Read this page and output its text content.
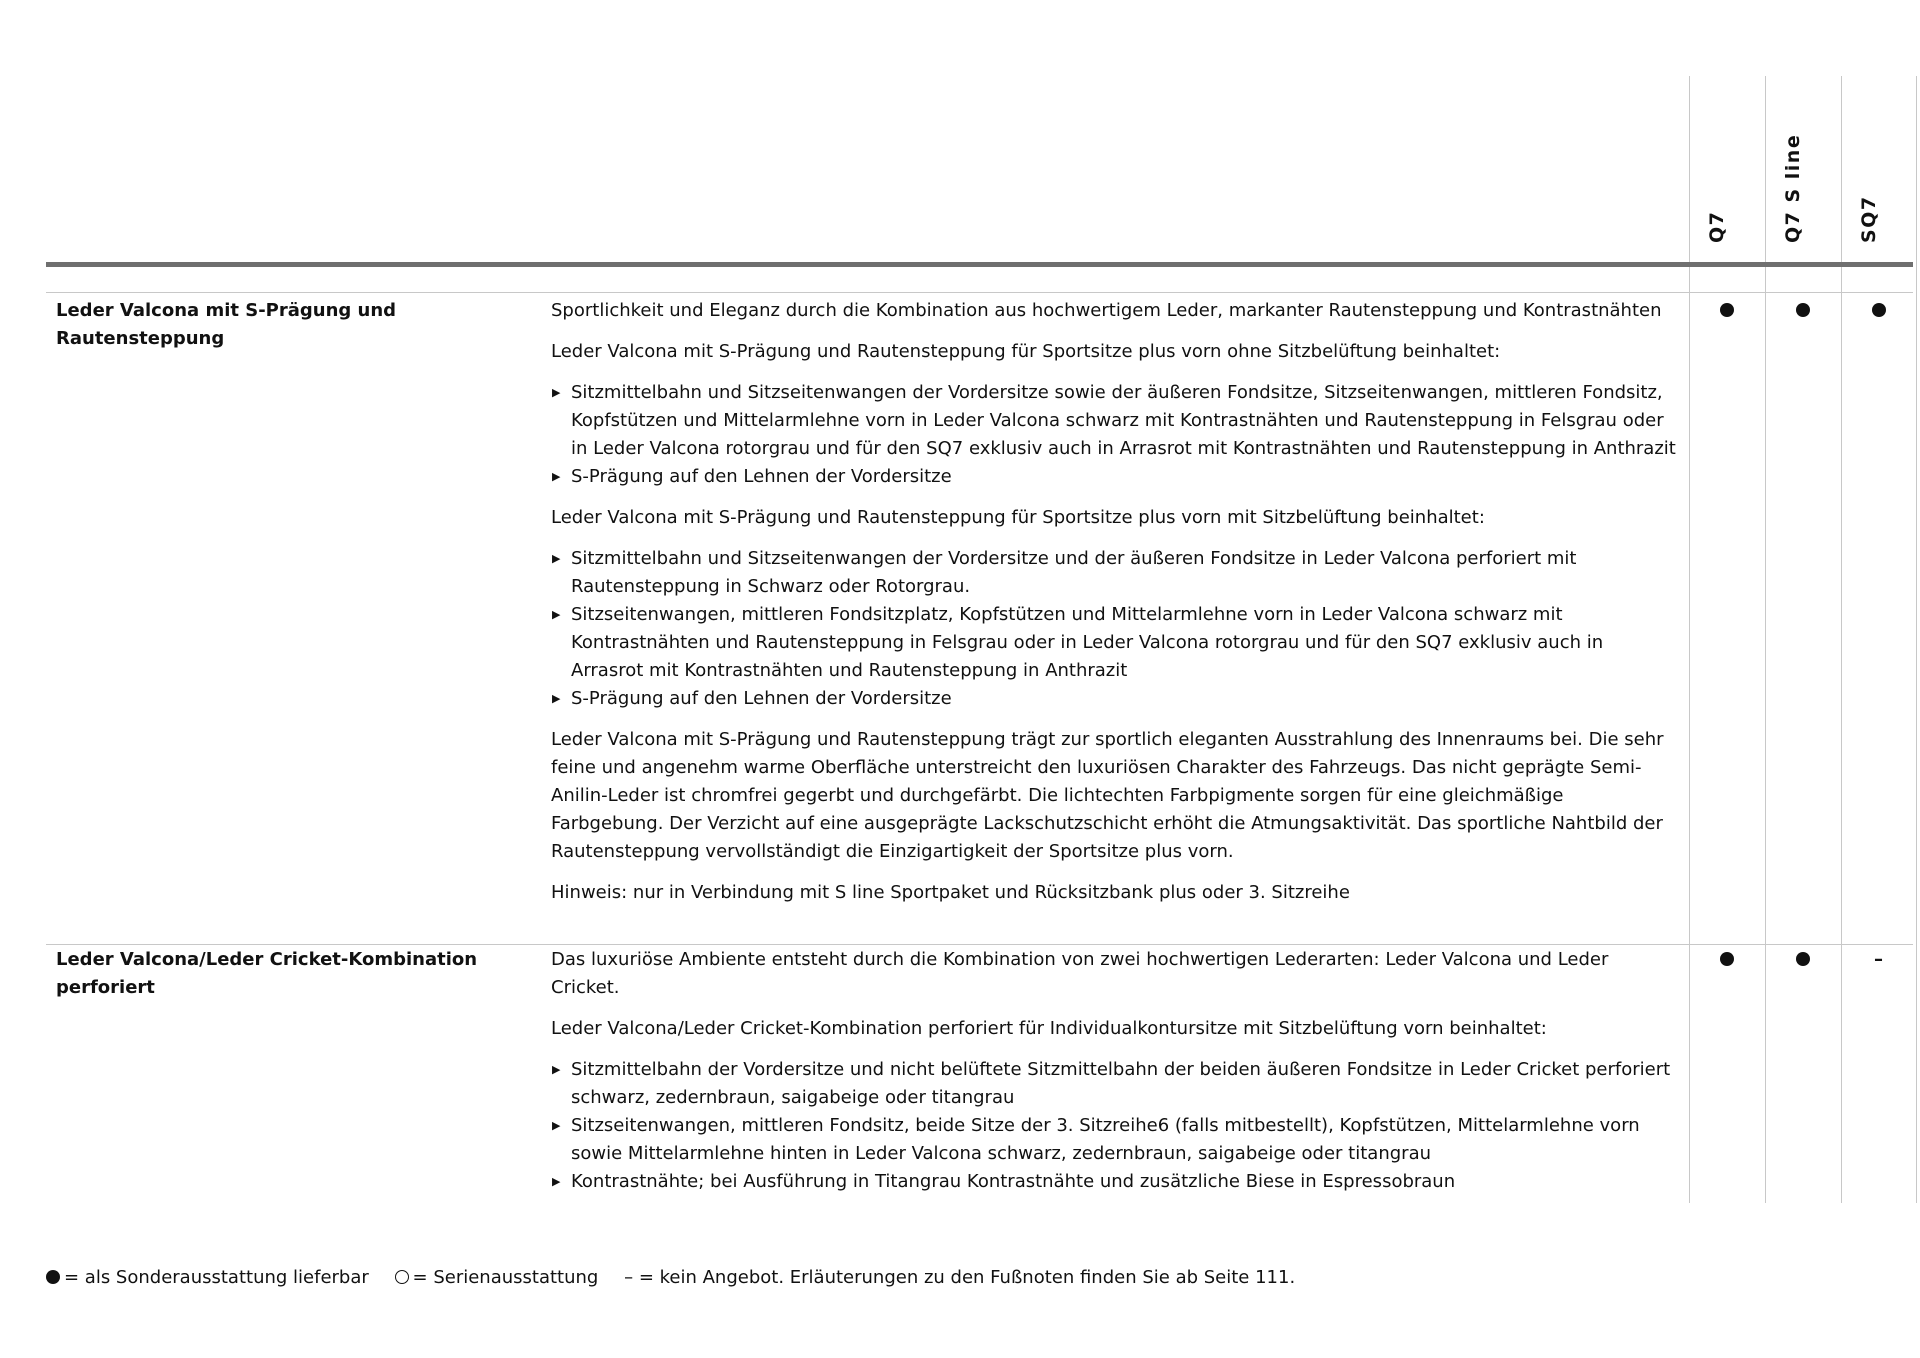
Q7	Q7 S line	SQ7
Leder Valcona mit S-Prägung und Rautensteppung

Sportlichkeit und Eleganz durch die Kombination aus hochwertigem Leder, markanter Rautensteppung und Kontrastnähten

Leder Valcona mit S-Prägung und Rautensteppung für Sportsitze plus vorn ohne Sitzbelüftung beinhaltet:

▶ Sitzmittelbahn und Sitzseitenwangen der Vordersitze sowie der äußeren Fondsitze, Sitzseitenwangen, mittleren Fondsitz, Kopfstützen und Mittelarmlehne vorn in Leder Valcona schwarz mit Kontrastnähten und Rautensteppung in Felsgrau oder in Leder Valcona rotorgrau und für den SQ7 exklusiv auch in Arrasrot mit Kontrastnähten und Rautensteppung in Anthrazit
▶ S-Prägung auf den Lehnen der Vordersitze

Leder Valcona mit S-Prägung und Rautensteppung für Sportsitze plus vorn mit Sitzbelüftung beinhaltet:

▶ Sitzmittelbahn und Sitzseitenwangen der Vordersitze und der äußeren Fondsitze in Leder Valcona perforiert mit Rautensteppung in Schwarz oder Rotorgrau.
▶ Sitzseitenwangen, mittleren Fondsitzplatz, Kopfstützen und Mittelarmlehne vorn in Leder Valcona schwarz mit Kontrastnähten und Rautensteppung in Felsgrau oder in Leder Valcona rotorgrau und für den SQ7 exklusiv auch in Arrasrot mit Kontrastnähten und Rautensteppung in Anthrazit
▶ S-Prägung auf den Lehnen der Vordersitze

Leder Valcona mit S-Prägung und Rautensteppung trägt zur sportlich eleganten Ausstrahlung des Innenraums bei. Die sehr feine und angenehm warme Oberfläche unterstreicht den luxuriösen Charakter des Fahrzeugs. Das nicht geprägte Semi-Anilin-Leder ist chromfrei gegerbt und durchgefärbt. Die lichtechten Farbpigmente sorgen für eine gleichmäßige Farbgebung. Der Verzicht auf eine ausgeprägte Lackschutzschicht erhöht die Atmungsaktivität. Das sportliche Nahtbild der Rautensteppung vervollständigt die Einzigartigkeit der Sportsitze plus vorn.

Hinweis: nur in Verbindung mit S line Sportpaket und Rücksitzbank plus oder 3. Sitzreihe

Leder Valcona/Leder Cricket-Kombination perforiert

Das luxuriöse Ambiente entsteht durch die Kombination von zwei hochwertigen Lederarten: Leder Valcona und Leder Cricket.

Leder Valcona/Leder Cricket-Kombination perforiert für Individualkontursitze mit Sitzbelüftung vorn beinhaltet:

▶ Sitzmittelbahn der Vordersitze und nicht belüftete Sitzmittelbahn der beiden äußeren Fondsitze in Leder Cricket perforiert schwarz, zedernbraun, saigabeige oder titangrau
▶ Sitzseitenwangen, mittleren Fondsitz, beide Sitze der 3. Sitzreihe6 (falls mitbestellt), Kopfstützen, Mittelarmlehne vorn sowie Mittelarmlehne hinten in Leder Valcona schwarz, zedernbraun, saigabeige oder titangrau
▶ Kontrastnähte; bei Ausführung in Titangrau Kontrastnähte und zusätzliche Biese in Espressobraun
–
= als Sonderausstattung lieferbar = Serienausstattung – = kein Angebot. Erläuterungen zu den Fußnoten finden Sie ab Seite 111.
